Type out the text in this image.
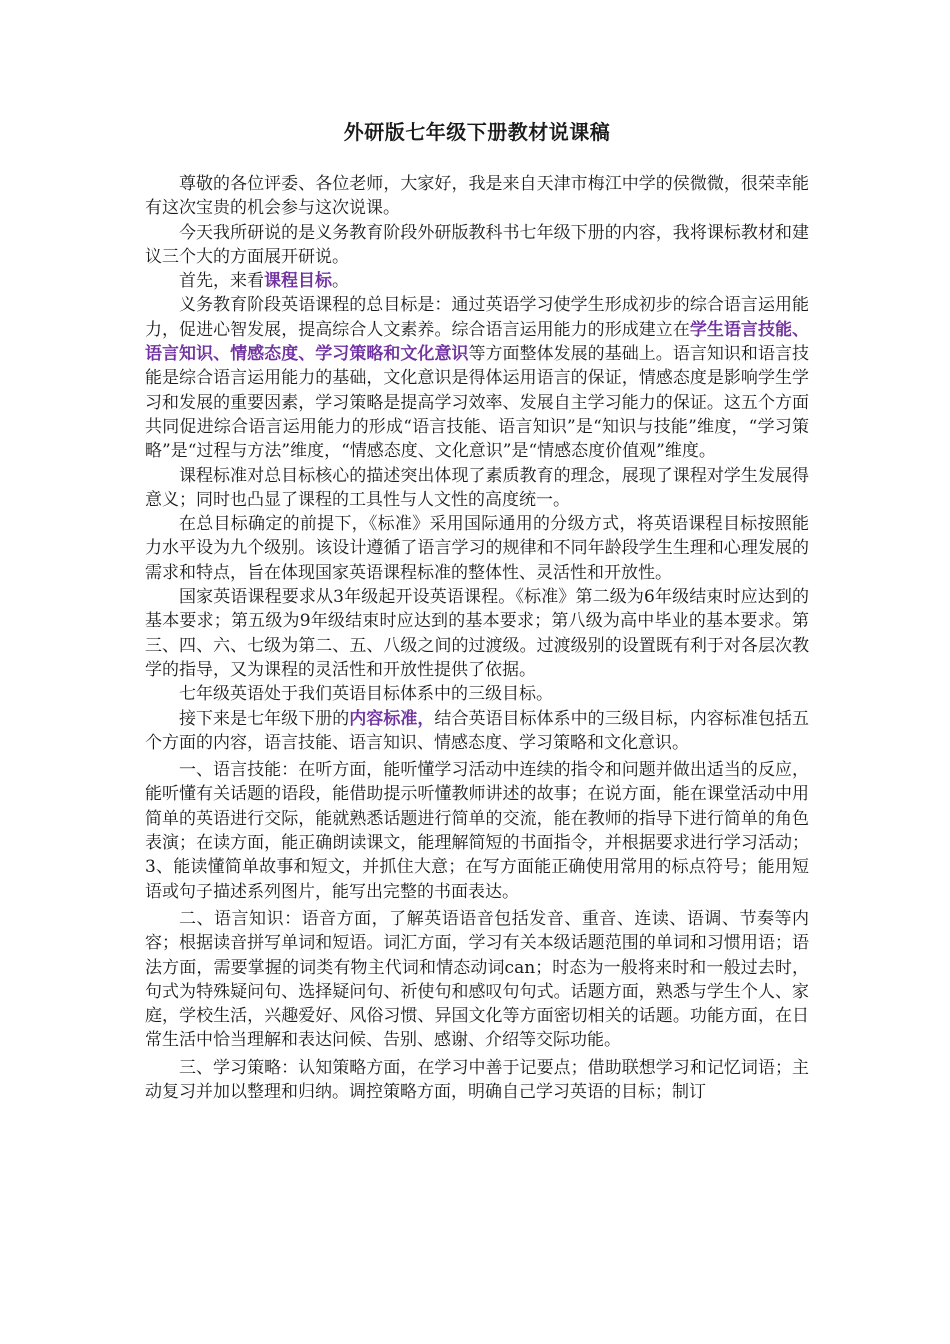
外研版七年级下册教材说课稿

尊敬的各位评委、各位老师，大家好，我是来自天津市梅江中学的侯微微，很荣幸能有这次宝贵的机会参与这次说课。

今天我所研说的是义务教育阶段外研版教科书七年级下册的内容，我将课标教材和建议三个大的方面展开研说。

首先，来看课程目标。

义务教育阶段英语课程的总目标是：通过英语学习使学生形成初步的综合语言运用能力，促进心智发展，提高综合人文素养。综合语言运用能力的形成建立在学生语言技能、语言知识、情感态度、学习策略和文化意识等方面整体发展的基础上。语言知识和语言技能是综合语言运用能力的基础，文化意识是得体运用语言的保证，情感态度是影响学生学习和发展的重要因素，学习策略是提高学习效率、发展自主学习能力的保证。这五个方面共同促进综合语言运用能力的形成“语言技能、语言知识”是“知识与技能”维度，“学习策略”是“过程与方法”维度，“情感态度、文化意识”是“情感态度价值观”维度。

课程标准对总目标核心的描述突出体现了素质教育的理念，展现了课程对学生发展得意义；同时也凸显了课程的工具性与人文性的高度统一。

在总目标确定的前提下，《标准》采用国际通用的分级方式，将英语课程目标按照能力水平设为九个级别。该设计遵循了语言学习的规律和不同年龄段学生生理和心理发展的需求和特点，旨在体现国家英语课程标准的整体性、灵活性和开放性。

国家英语课程要求从3年级起开设英语课程。《标准》第二级为6年级结束时应达到的基本要求；第五级为9年级结束时应达到的基本要求；第八级为高中毕业的基本要求。第三、四、六、七级为第二、五、八级之间的过渡级。过渡级别的设置既有利于对各层次教学的指导，又为课程的灵活性和开放性提供了依据。

七年级英语处于我们英语目标体系中的三级目标。

接下来是七年级下册的内容标准，结合英语目标体系中的三级目标，内容标准包括五个方面的内容，语言技能、语言知识、情感态度、学习策略和文化意识。

一、语言技能：在听方面，能听懂学习活动中连续的指令和问题并做出适当的反应，能听懂有关话题的语段，能借助提示听懂教师讲述的故事；在说方面，能在课堂活动中用简单的英语进行交际，能就熟悉话题进行简单的交流，能在教师的指导下进行简单的角色表演；在读方面，能正确朗读课文，能理解简短的书面指令，并根据要求进行学习活动；3、能读懂简单故事和短文，并抓住大意；在写方面能正确使用常用的标点符号；能用短语或句子描述系列图片，能写出完整的书面表达。

二、语言知识：语音方面，了解英语语音包括发音、重音、连读、语调、节奏等内容；根据读音拼写单词和短语。词汇方面，学习有关本级话题范围的单词和习惯用语；语法方面，需要掌握的词类有物主代词和情态动词can；时态为一般将来时和一般过去时，句式为特殊疑问句、选择疑问句、祈使句和感叹句句式。话题方面，熟悉与学生个人、家庭，学校生活，兴趣爱好、风俗习惯、异国文化等方面密切相关的话题。功能方面，在日常生活中恰当理解和表达问候、告别、感谢、介绍等交际功能。

三、学习策略：认知策略方面，在学习中善于记要点；借助联想学习和记忆词语；主动复习并加以整理和归纳。调控策略方面，明确自己学习英语的目标；制订
